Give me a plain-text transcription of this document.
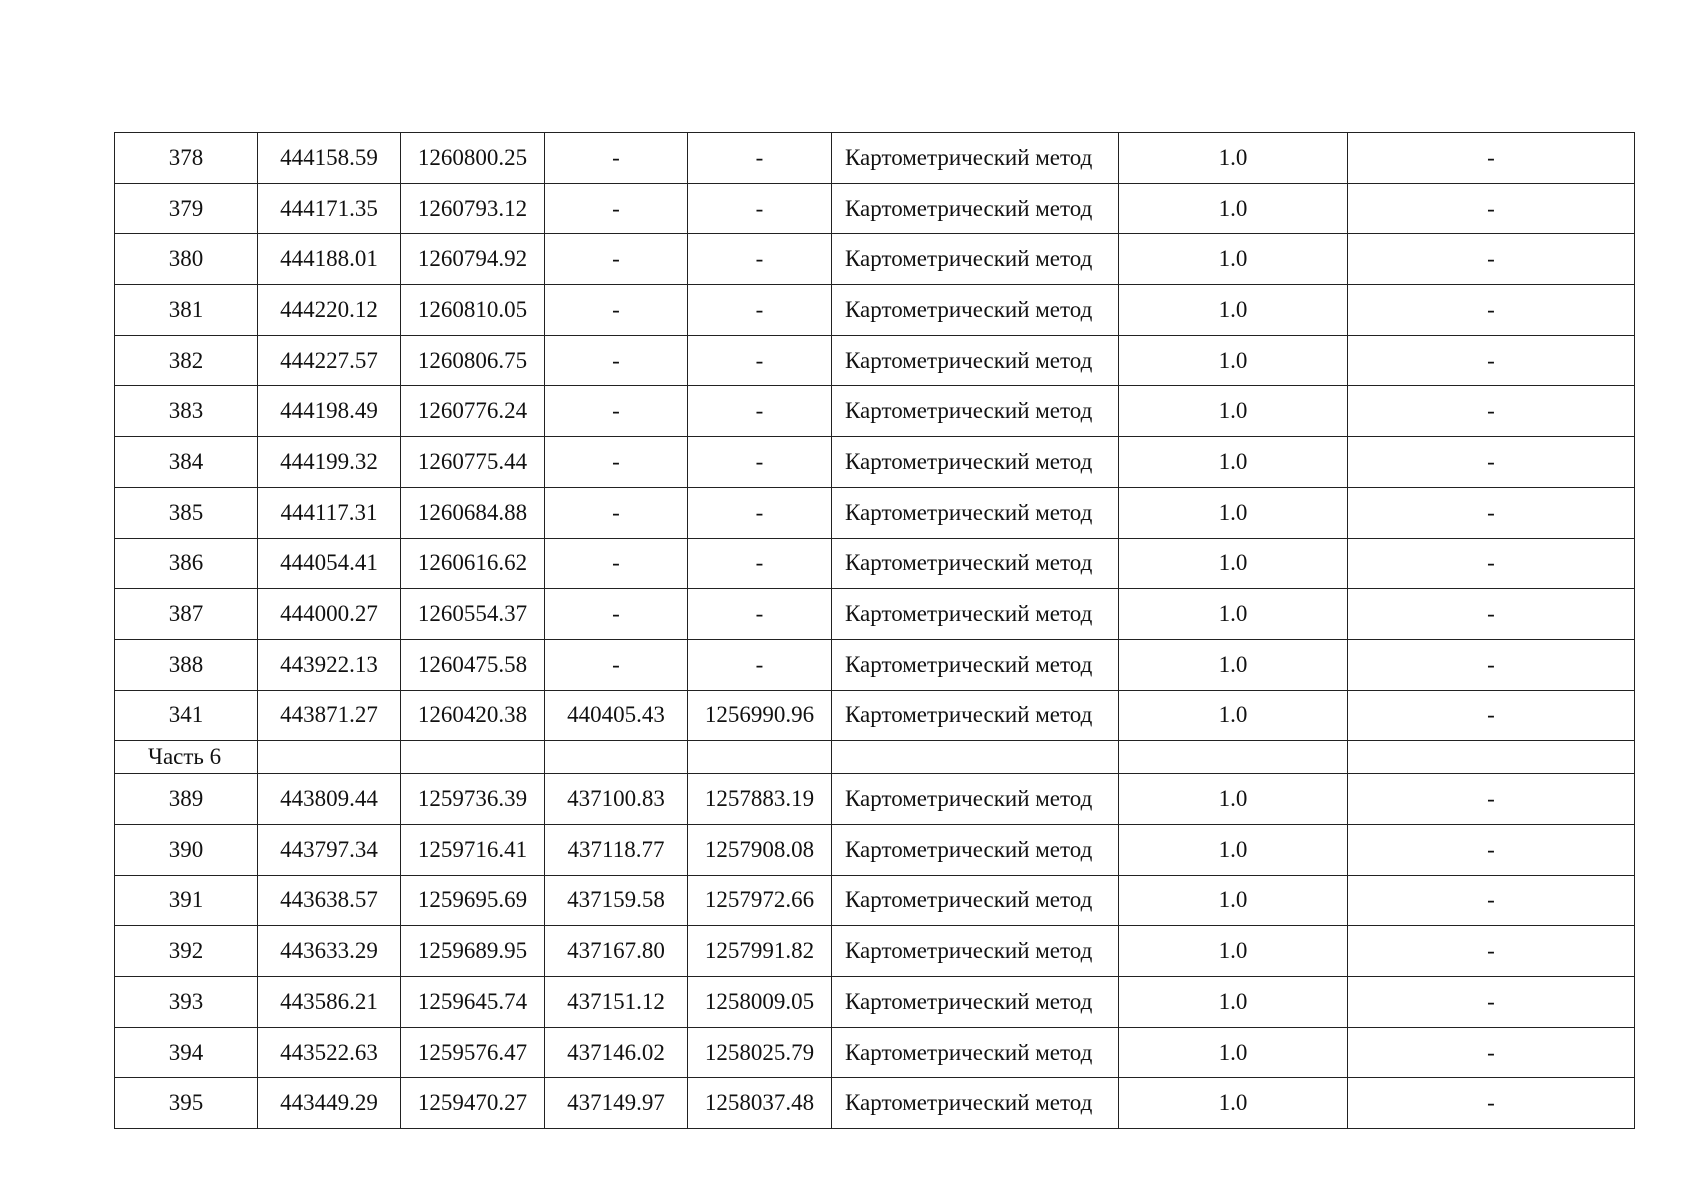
378	444158.59	1260800.25	-	-	Картометрический метод	1.0	-
379	444171.35	1260793.12	-	-	Картометрический метод	1.0	-
380	444188.01	1260794.92	-	-	Картометрический метод	1.0	-
381	444220.12	1260810.05	-	-	Картометрический метод	1.0	-
382	444227.57	1260806.75	-	-	Картометрический метод	1.0	-
383	444198.49	1260776.24	-	-	Картометрический метод	1.0	-
384	444199.32	1260775.44	-	-	Картометрический метод	1.0	-
385	444117.31	1260684.88	-	-	Картометрический метод	1.0	-
386	444054.41	1260616.62	-	-	Картометрический метод	1.0	-
387	444000.27	1260554.37	-	-	Картометрический метод	1.0	-
388	443922.13	1260475.58	-	-	Картометрический метод	1.0	-
341	443871.27	1260420.38	440405.43	1256990.96	Картометрический метод	1.0	-
Часть 6							
389	443809.44	1259736.39	437100.83	1257883.19	Картометрический метод	1.0	-
390	443797.34	1259716.41	437118.77	1257908.08	Картометрический метод	1.0	-
391	443638.57	1259695.69	437159.58	1257972.66	Картометрический метод	1.0	-
392	443633.29	1259689.95	437167.80	1257991.82	Картометрический метод	1.0	-
393	443586.21	1259645.74	437151.12	1258009.05	Картометрический метод	1.0	-
394	443522.63	1259576.47	437146.02	1258025.79	Картометрический метод	1.0	-
395	443449.29	1259470.27	437149.97	1258037.48	Картометрический метод	1.0	-
